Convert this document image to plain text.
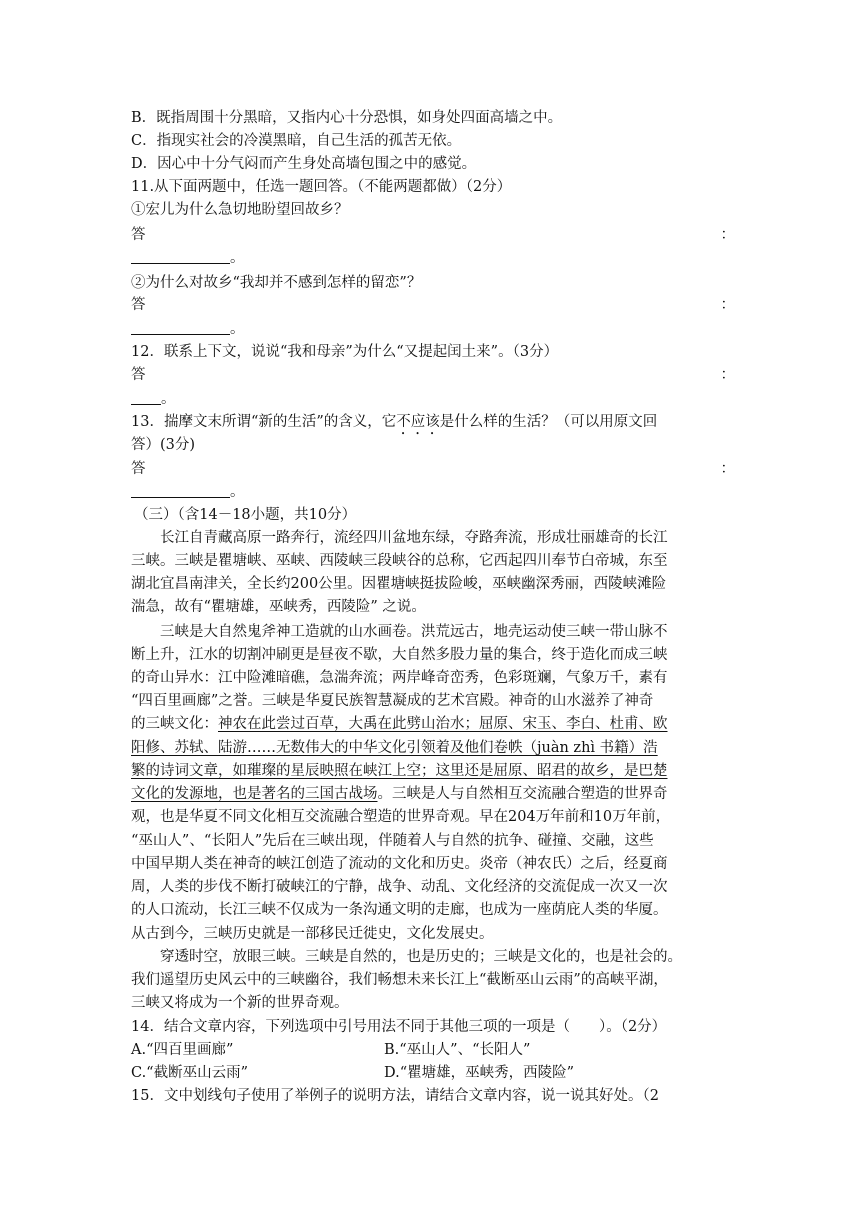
B．既指周围十分黑暗，又指内心十分恐惧，如身处四面高墙之中。
C．指现实社会的冷漠黑暗，自己生活的孤苦无依。
D．因心中十分气闷而产生身处高墙包围之中的感觉。
11.从下面两题中，任选一题回答。（不能两题都做）（2分）
①宏儿为什么急切地盼望回故乡？
答	：
。
②为什么对故乡“我却并不感到怎样的留恋”？
答	：
。
12．联系上下文，说说“我和母亲”为什么“又提起闰土来”。（3分）
答	：
。
13．揣摩文末所谓“新的生活”的含义，它不应该是什么样的生活？（可以用原文回
答）(3分)
答	：
。
（三）（含14－18小题，共10分）
长江自青藏高原一路奔行，流经四川盆地东绿，夺路奔流，形成壮丽雄奇的长江
三峡。三峡是瞿塘峡、巫峡、西陵峡三段峡谷的总称，它西起四川奉节白帝城，东至
湖北宜昌南津关，全长约200公里。因瞿塘峡挺拔险峻，巫峡幽深秀丽，西陵峡滩险
湍急，故有“瞿塘雄，巫峡秀，西陵险” 之说。
三峡是大自然鬼斧神工造就的山水画卷。洪荒远古，地壳运动使三峡一带山脉不
断上升，江水的切割冲刷更是昼夜不歇，大自然多股力量的集合，终于造化而成三峡
的奇山异水：江中险滩暗礁，急湍奔流；两岸峰奇峦秀，色彩斑斓，气象万千，素有
“四百里画廊”之誉。三峡是华夏民族智慧凝成的艺术宫殿。神奇的山水滋养了神奇
的三峡文化：神农在此尝过百草，大禹在此劈山治水；屈原、宋玉、李白、杜甫、欧
阳修、苏轼、陆游……无数伟大的中华文化引领着及他们卷帙（juàn zhì 书籍）浩
繁的诗词文章，如璀璨的星辰映照在峡江上空；这里还是屈原、昭君的故乡，是巴楚
文化的发源地，也是著名的三国古战场。三峡是人与自然相互交流融合塑造的世界奇
观，也是华夏不同文化相互交流融合塑造的世界奇观。早在204万年前和10万年前，
“巫山人”、“长阳人”先后在三峡出现，伴随着人与自然的抗争、碰撞、交融，这些
中国早期人类在神奇的峡江创造了流动的文化和历史。炎帝（神农氏）之后，经夏商
周，人类的步伐不断打破峡江的宁静，战争、动乱、文化经济的交流促成一次又一次
的人口流动，长江三峡不仅成为一条沟通文明的走廊，也成为一座荫庇人类的华厦。
从古到今，三峡历史就是一部移民迁徙史，文化发展史。
穿透时空，放眼三峡。三峡是自然的，也是历史的；三峡是文化的，也是社会的。
我们遥望历史风云中的三峡幽谷，我们畅想未来长江上“截断巫山云雨”的高峡平湖，
三峡又将成为一个新的世界奇观。
14．结合文章内容，下列选项中引号用法不同于其他三项的一项是（　　）。（2分）
A.“四百里画廊”	B.“巫山人”、“长阳人”
C.“截断巫山云雨”	D.“瞿塘雄，巫峡秀，西陵险”
15．文中划线句子使用了举例子的说明方法，请结合文章内容，说一说其好处。（2
